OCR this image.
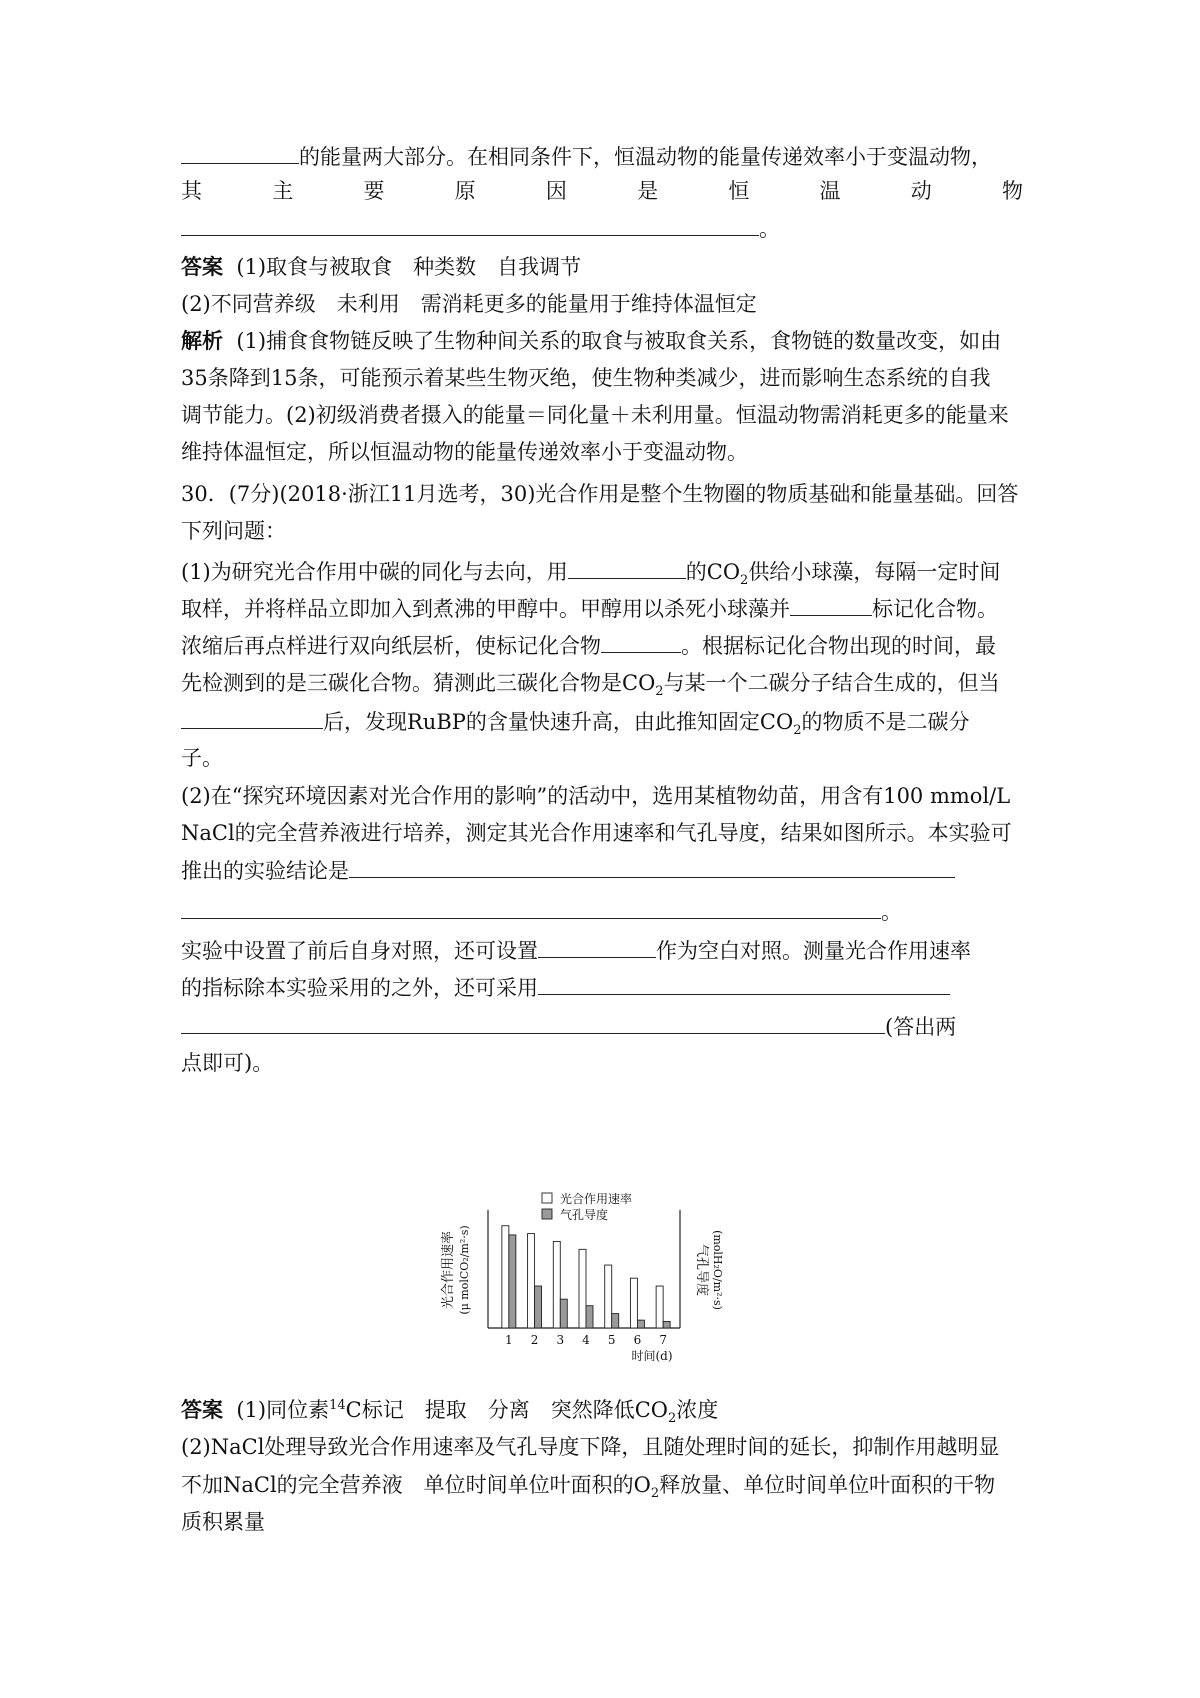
的能量两大部分。在相同条件下，恒温动物的能量传递效率小于变温动物，
其	主	要	原	因	是	恒	温	动	物
。
答案 (1)取食与被取食　种类数　自我调节
(2)不同营养级　未利用　需消耗更多的能量用于维持体温恒定
解析 (1)捕食食物链反映了生物种间关系的取食与被取食关系，食物链的数量改变，如由
35条降到15条，可能预示着某些生物灭绝，使生物种类减少，进而影响生态系统的自我
调节能力。(2)初级消费者摄入的能量＝同化量＋未利用量。恒温动物需消耗更多的能量来
维持体温恒定，所以恒温动物的能量传递效率小于变温动物。
30．(7分)(2018·浙江11月选考，30)光合作用是整个生物圈的物质基础和能量基础。回答
下列问题：
(1)为研究光合作用中碳的同化与去向，用	的$CO_2$供给小球藻，每隔一定时间
取样，并将样品立即加入到煮沸的甲醇中。甲醇用以杀死小球藻并	标记化合物。
浓缩后再点样进行双向纸层析，使标记化合物	。根据标记化合物出现的时间，最
先检测到的是三碳化合物。猜测此三碳化合物是$CO_2$与某一个二碳分子结合生成的，但当
后，发现RuBP的含量快速升高，由此推知固定$CO_2$的物质不是二碳分
子。
(2)在“探究环境因素对光合作用的影响”的活动中，选用某植物幼苗，用含有100 mmol/L
NaCl的完全营养液进行培养，测定其光合作用速率和气孔导度，结果如图所示。本实验可
推出的实验结论是
。
实验中设置了前后自身对照，还可设置	作为空白对照。测量光合作用速率
的指标除本实验采用的之外，还可采用
(答出两
点即可)。
1 2 3 4 5 6 7
时间(d)
光合作用速率
气孔导度
光合作用速率 (μ molCO₂/m²·s)	气孔导度 (molH₂O/m²·s)
答案 (1)同位素$^{14}$C标记　提取　分离　突然降低$CO_2$浓度
(2)NaCl处理导致光合作用速率及气孔导度下降，且随处理时间的延长，抑制作用越明显
不加NaCl的完全营养液　单位时间单位叶面积的$O_2$释放量、单位时间单位叶面积的干物
质积累量
